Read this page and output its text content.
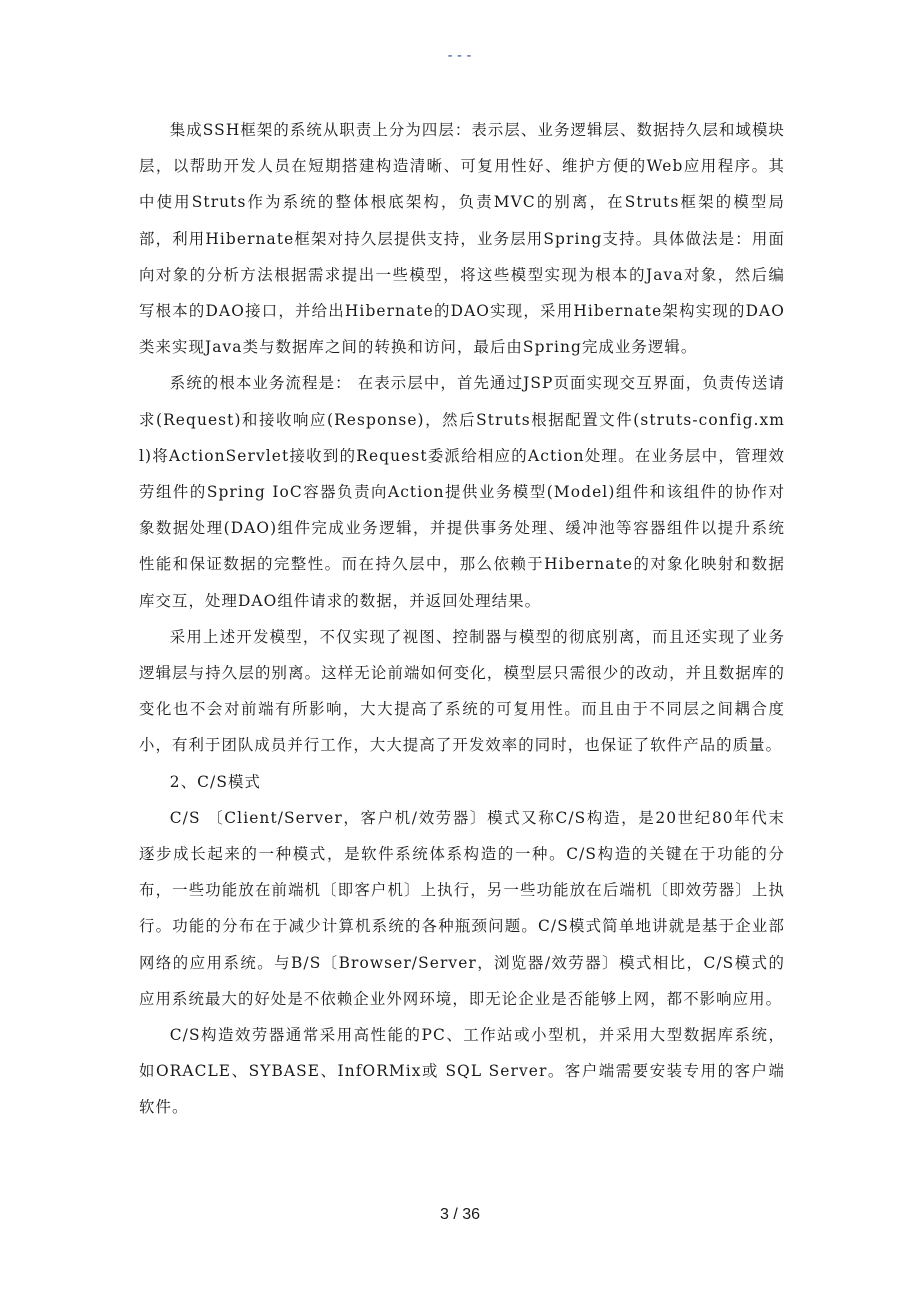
---

集成SSH框架的系统从职责上分为四层：表示层、业务逻辑层、数据持久层和域模块层，以帮助开发人员在短期搭建构造清晰、可复用性好、维护方便的Web应用程序。其中使用Struts作为系统的整体根底架构，负责MVC的别离，在Struts框架的模型局部，利用Hibernate框架对持久层提供支持，业务层用Spring支持。具体做法是：用面向对象的分析方法根据需求提出一些模型，将这些模型实现为根本的Java对象，然后编写根本的DAO接口，并给出Hibernate的DAO实现，采用Hibernate架构实现的DAO类来实现Java类与数据库之间的转换和访问，最后由Spring完成业务逻辑。

系统的根本业务流程是： 在表示层中，首先通过JSP页面实现交互界面，负责传送请求(Request)和接收响应(Response)，然后Struts根据配置文件(struts-config.xml)将ActionServlet接收到的Request委派给相应的Action处理。在业务层中，管理效劳组件的Spring IoC容器负责向Action提供业务模型(Model)组件和该组件的协作对象数据处理(DAO)组件完成业务逻辑，并提供事务处理、缓冲池等容器组件以提升系统性能和保证数据的完整性。而在持久层中，那么依赖于Hibernate的对象化映射和数据库交互，处理DAO组件请求的数据，并返回处理结果。

采用上述开发模型，不仅实现了视图、控制器与模型的彻底别离，而且还实现了业务逻辑层与持久层的别离。这样无论前端如何变化，模型层只需很少的改动，并且数据库的变化也不会对前端有所影响，大大提高了系统的可复用性。而且由于不同层之间耦合度小，有利于团队成员并行工作，大大提高了开发效率的同时，也保证了软件产品的质量。

2、C/S模式

C/S 〔Client/Server，客户机/效劳器〕模式又称C/S构造，是20世纪80年代末逐步成长起来的一种模式，是软件系统体系构造的一种。C/S构造的关键在于功能的分布，一些功能放在前端机〔即客户机〕上执行，另一些功能放在后端机〔即效劳器〕上执行。功能的分布在于减少计算机系统的各种瓶颈问题。C/S模式简单地讲就是基于企业部网络的应用系统。与B/S〔Browser/Server，浏览器/效劳器〕模式相比，C/S模式的应用系统最大的好处是不依赖企业外网环境，即无论企业是否能够上网，都不影响应用。

C/S构造效劳器通常采用高性能的PC、工作站或小型机，并采用大型数据库系统，如ORACLE、SYBASE、InfORMix或 SQL Server。客户端需要安装专用的客户端软件。

3 / 36
